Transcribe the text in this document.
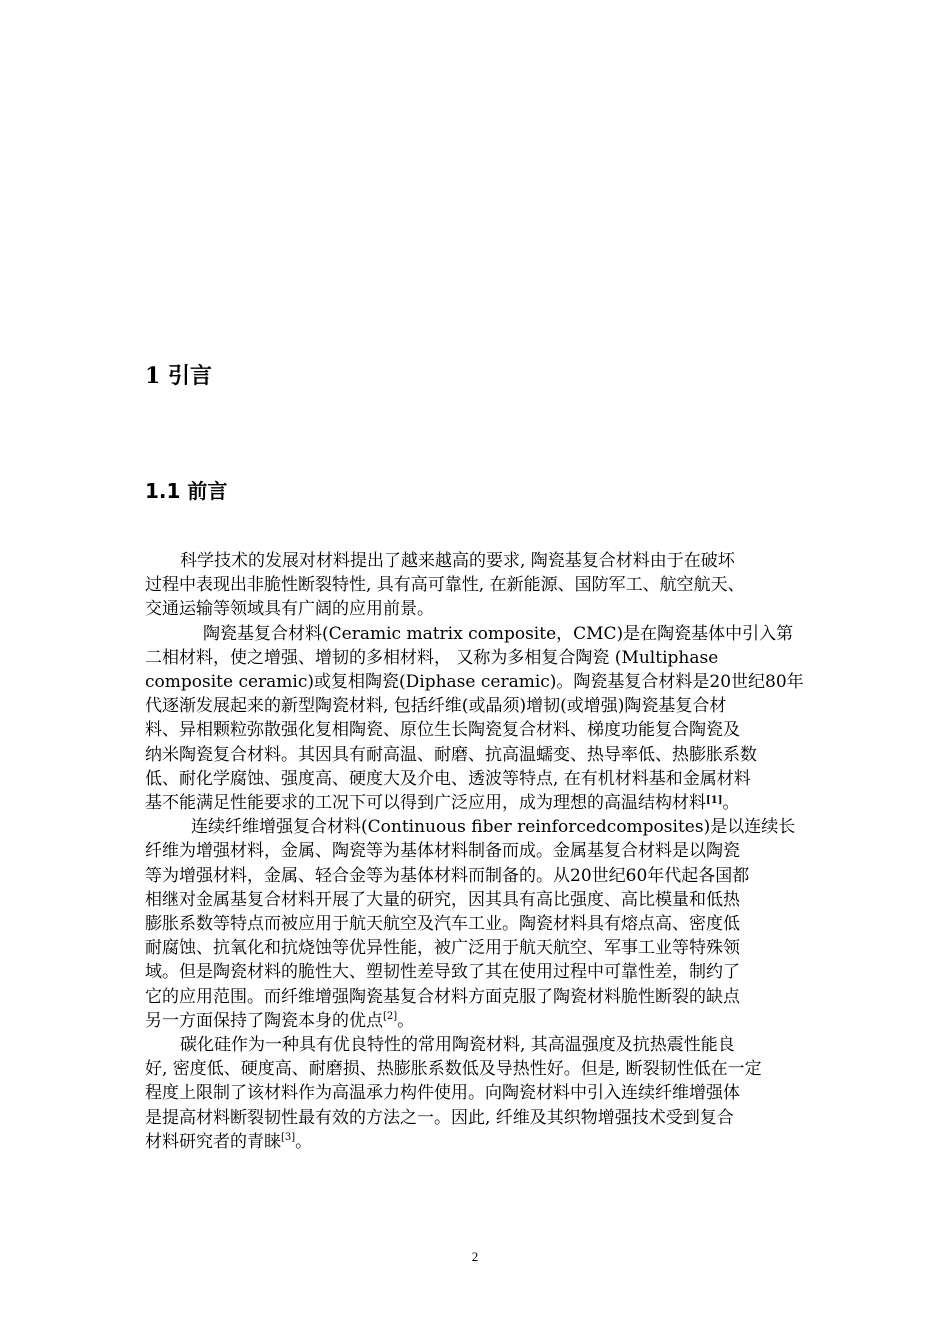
1 引言
1.1 前言

科学技术的发展对材料提出了越来越高的要求, 陶瓷基复合材料由于在破坏
过程中表现出非脆性断裂特性, 具有高可靠性, 在新能源、国防军工、航空航天、
交通运输等领域具有广阔的应用前景。

陶瓷基复合材料(Ceramic matrix composite，CMC)是在陶瓷基体中引入第
二相材料，使之增强、增韧的多相材料， 又称为多相复合陶瓷 (Multiphase
composite ceramic)或复相陶瓷(Diphase ceramic)。陶瓷基复合材料是20世纪80年
代逐渐发展起来的新型陶瓷材料, 包括纤维(或晶须)增韧(或增强)陶瓷基复合材
料、异相颗粒弥散强化复相陶瓷、原位生长陶瓷复合材料、梯度功能复合陶瓷及
纳米陶瓷复合材料。其因具有耐高温、耐磨、抗高温蠕变、热导率低、热膨胀系数
低、耐化学腐蚀、强度高、硬度大及介电、透波等特点, 在有机材料基和金属材料
基不能满足性能要求的工况下可以得到广泛应用，成为理想的高温结构材料[1]。

连续纤维增强复合材料(Continuous fiber reinforcedcomposites)是以连续长
纤维为增强材料，金属、陶瓷等为基体材料制备而成。金属基复合材料是以陶瓷
等为增强材料，金属、轻合金等为基体材料而制备的。从20世纪60年代起各国都
相继对金属基复合材料开展了大量的研究，因其具有高比强度、高比模量和低热
膨胀系数等特点而被应用于航天航空及汽车工业。陶瓷材料具有熔点高、密度低
耐腐蚀、抗氧化和抗烧蚀等优异性能，被广泛用于航天航空、军事工业等特殊领
域。但是陶瓷材料的脆性大、塑韧性差导致了其在使用过程中可靠性差，制约了
它的应用范围。而纤维增强陶瓷基复合材料方面克服了陶瓷材料脆性断裂的缺点
另一方面保持了陶瓷本身的优点[2]。

碳化硅作为一种具有优良特性的常用陶瓷材料, 其高温强度及抗热震性能良
好, 密度低、硬度高、耐磨损、热膨胀系数低及导热性好。但是, 断裂韧性低在一定
程度上限制了该材料作为高温承力构件使用。向陶瓷材料中引入连续纤维增强体
是提高材料断裂韧性最有效的方法之一。因此, 纤维及其织物增强技术受到复合
材料研究者的青睐[3]。

2
